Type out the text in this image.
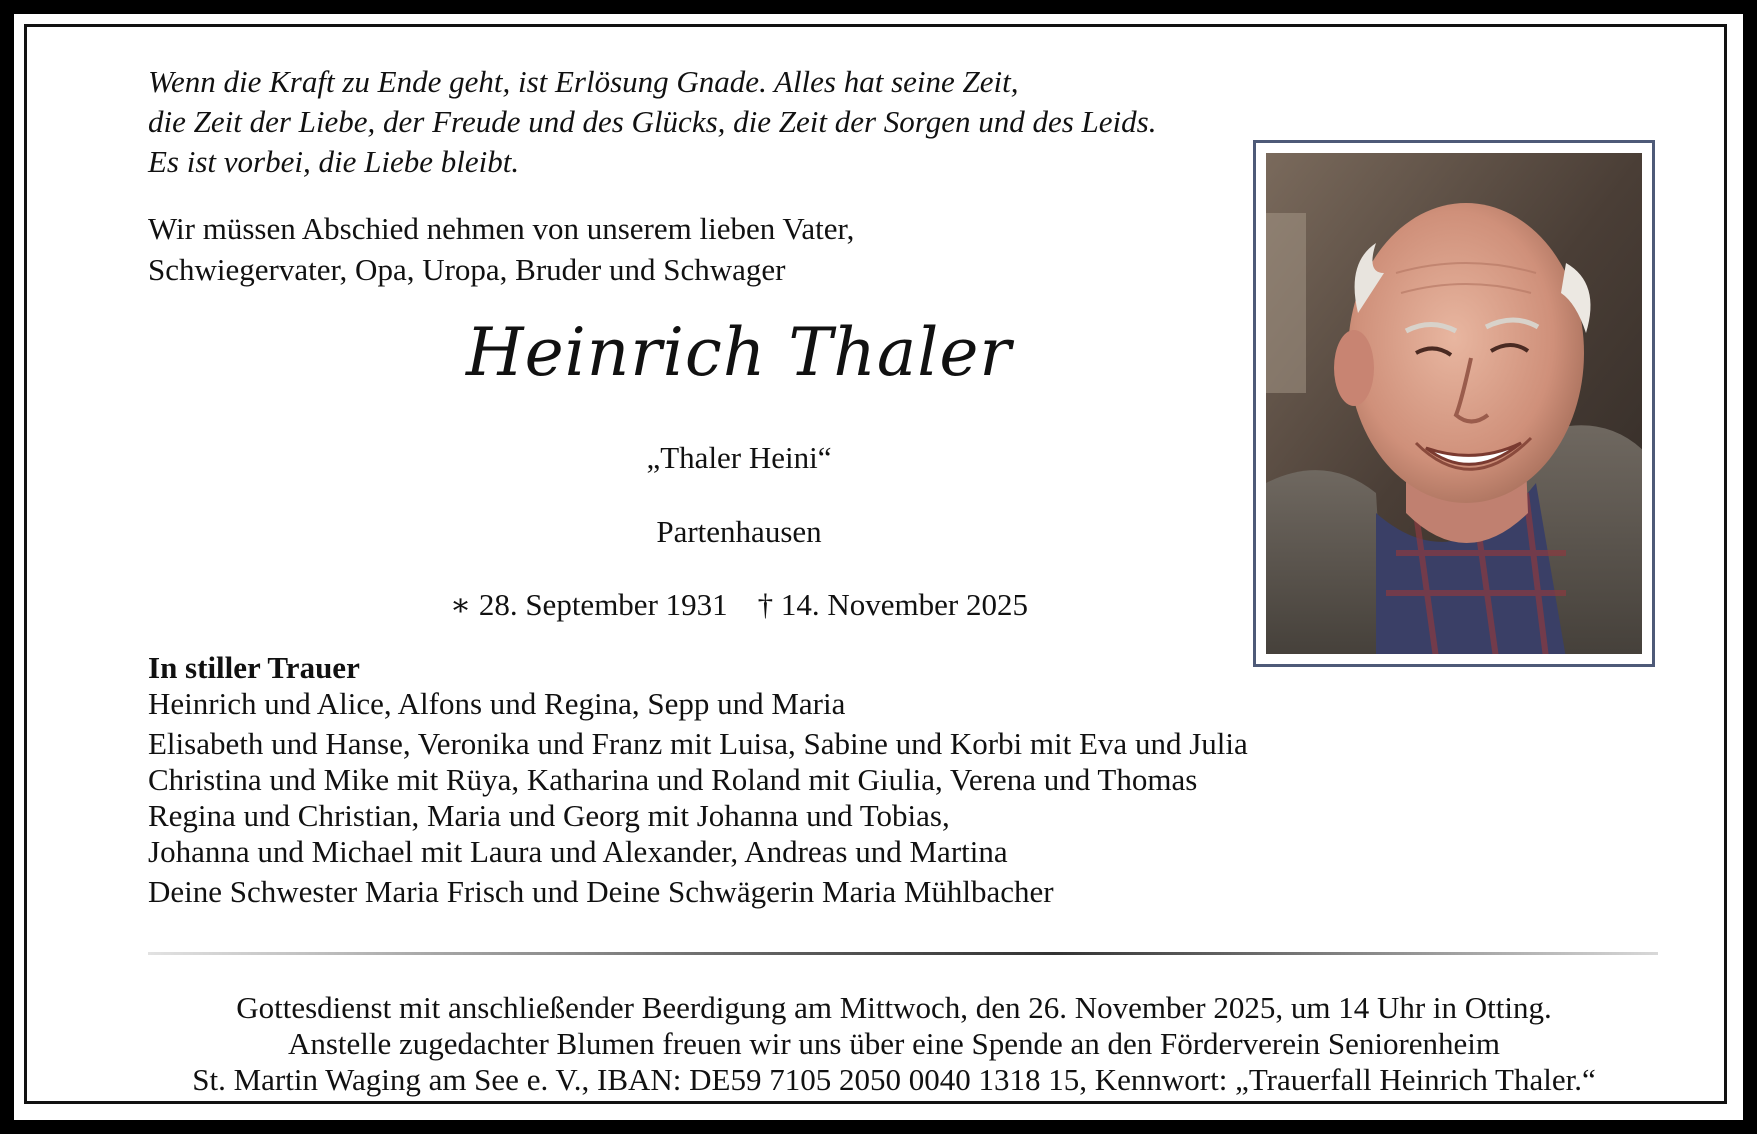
Wenn die Kraft zu Ende geht, ist Erlösung Gnade. Alles hat seine Zeit,
die Zeit der Liebe, der Freude und des Glücks, die Zeit der Sorgen und des Leids.
Es ist vorbei, die Liebe bleibt.
Wir müssen Abschied nehmen von unserem lieben Vater,
Schwiegervater, Opa, Uropa, Bruder und Schwager
Heinrich Thaler
„Thaler Heini“
Partenhausen
∗ 28. September 1931 † 14. November 2025
In stiller Trauer
Heinrich und Alice, Alfons und Regina, Sepp und Maria
Elisabeth und Hanse, Veronika und Franz mit Luisa, Sabine und Korbi mit Eva und Julia
Christina und Mike mit Rüya, Katharina und Roland mit Giulia, Verena und Thomas
Regina und Christian, Maria und Georg mit Johanna und Tobias,
Johanna und Michael mit Laura und Alexander, Andreas und Martina
Deine Schwester Maria Frisch und Deine Schwägerin Maria Mühlbacher
Gottesdienst mit anschließender Beerdigung am Mittwoch, den 26. November 2025, um 14 Uhr in Otting.
Anstelle zugedachter Blumen freuen wir uns über eine Spende an den Förderverein Seniorenheim
St. Martin Waging am See e. V., IBAN: DE59 7105 2050 0040 1318 15, Kennwort: „Trauerfall Heinrich Thaler.“
